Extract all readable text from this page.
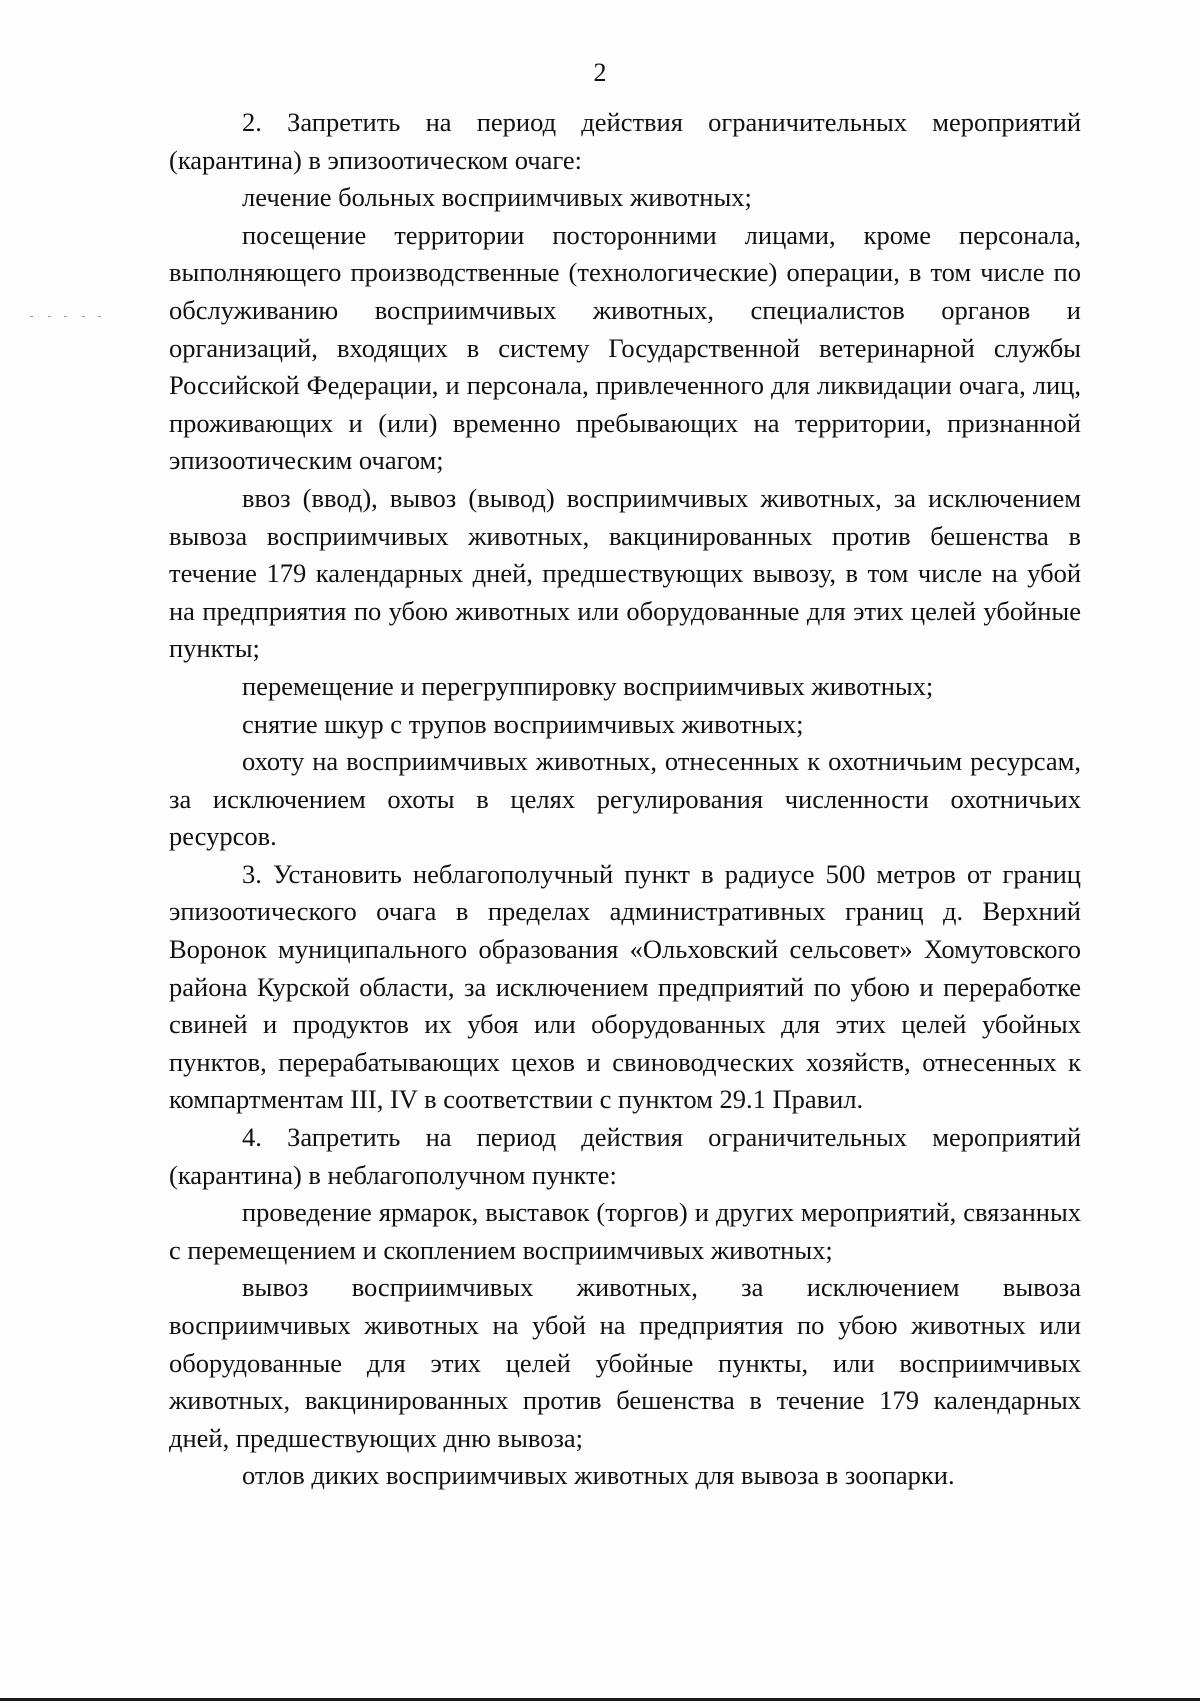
2

2. Запретить на период действия ограничительных мероприятий (карантина) в эпизоотическом очаге:

лечение больных восприимчивых животных;

посещение территории посторонними лицами, кроме персонала, выполняющего производственные (технологические) операции, в том числе по обслуживанию восприимчивых животных, специалистов органов и организаций, входящих в систему Государственной ветеринарной службы Российской Федерации, и персонала, привлеченного для ликвидации очага, лиц, проживающих и (или) временно пребывающих на территории, признанной эпизоотическим очагом;

ввоз (ввод), вывоз (вывод) восприимчивых животных, за исключением вывоза восприимчивых животных, вакцинированных против бешенства в течение 179 календарных дней, предшествующих вывозу, в том числе на убой на предприятия по убою животных или оборудованные для этих целей убойные пункты;

перемещение и перегруппировку восприимчивых животных;

снятие шкур с трупов восприимчивых животных;

охоту на восприимчивых животных, отнесенных к охотничьим ресурсам, за исключением охоты в целях регулирования численности охотничьих ресурсов.

3. Установить неблагополучный пункт в радиусе 500 метров от границ эпизоотического очага в пределах административных границ д. Верхний Воронок муниципального образования «Ольховский сельсовет» Хомутовского района Курской области, за исключением предприятий по убою и переработке свиней и продуктов их убоя или оборудованных для этих целей убойных пунктов, перерабатывающих цехов и свиноводческих хозяйств, отнесенных к компартментам III, IV в соответствии с пунктом 29.1 Правил.

4. Запретить на период действия ограничительных мероприятий (карантина) в неблагополучном пункте:

проведение ярмарок, выставок (торгов) и других мероприятий, связанных с перемещением и скоплением восприимчивых животных;

вывоз восприимчивых животных, за исключением вывоза восприимчивых животных на убой на предприятия по убою животных или оборудованные для этих целей убойные пункты, или восприимчивых животных, вакцинированных против бешенства в течение 179 календарных дней, предшествующих дню вывоза;

отлов диких восприимчивых животных для вывоза в зоопарки.
